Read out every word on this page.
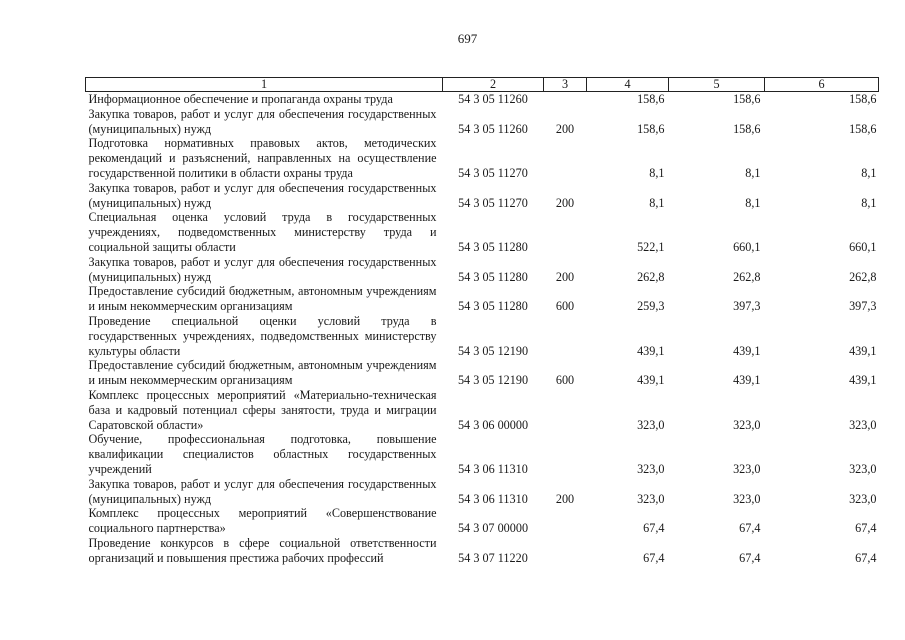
697
1	2	3	4	5	6
Информационное обеспечение и пропаганда охраны труда	54 3 05 11260		158,6	158,6	158,6
Закупка товаров, работ и услуг для обеспечения государственных (муниципальных) нужд	54 3 05 11260	200	158,6	158,6	158,6
Подготовка нормативных правовых актов, методических рекомендаций и разъяснений, направленных на осуществление государственной политики в области охраны труда	54 3 05 11270		8,1	8,1	8,1
Закупка товаров, работ и услуг для обеспечения государственных (муниципальных) нужд	54 3 05 11270	200	8,1	8,1	8,1
Специальная оценка условий труда в государственных учреждениях, подведомственных министерству труда и социальной защиты области	54 3 05 11280		522,1	660,1	660,1
Закупка товаров, работ и услуг для обеспечения государственных (муниципальных) нужд	54 3 05 11280	200	262,8	262,8	262,8
Предоставление субсидий бюджетным, автономным учреждениям и иным некоммерческим организациям	54 3 05 11280	600	259,3	397,3	397,3
Проведение специальной оценки условий труда в государственных учреждениях, подведомственных министерству культуры области	54 3 05 12190		439,1	439,1	439,1
Предоставление субсидий бюджетным, автономным учреждениям и иным некоммерческим организациям	54 3 05 12190	600	439,1	439,1	439,1
Комплекс процессных мероприятий «Материально-техническая база и кадровый потенциал сферы занятости, труда и миграции Саратовской области»	54 3 06 00000		323,0	323,0	323,0
Обучение, профессиональная подготовка, повышение квалификации специалистов областных государственных учреждений	54 3 06 11310		323,0	323,0	323,0
Закупка товаров, работ и услуг для обеспечения государственных (муниципальных) нужд	54 3 06 11310	200	323,0	323,0	323,0
Комплекс процессных мероприятий «Совершенствование социального партнерства»	54 3 07 00000		67,4	67,4	67,4
Проведение конкурсов в сфере социальной ответственности организаций и повышения престижа рабочих профессий	54 3 07 11220		67,4	67,4	67,4
